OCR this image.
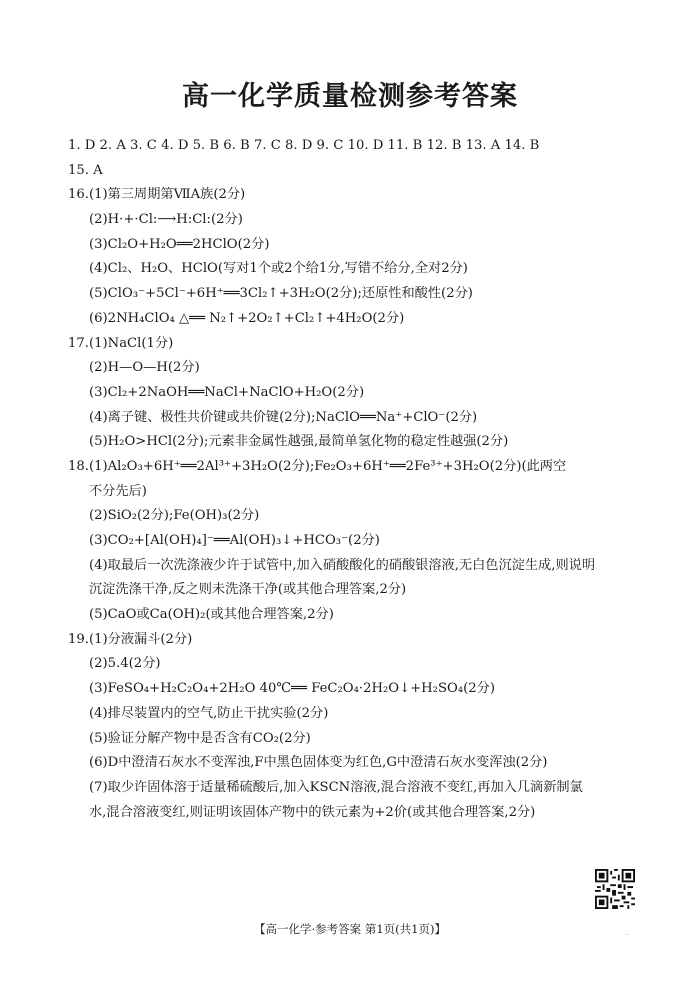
高一化学质量检测参考答案
1. D 2. A 3. C 4. D 5. B 6. B 7. C 8. D 9. C 10. D 11. B 12. B 13. A 14. B
15. A
16.(1)第三周期第ⅦA族(2分)
(2)H·+·Cl:⟶H:Cl:(2分)
(3)Cl₂O+H₂O══2HClO(2分)
(4)Cl₂、H₂O、HClO(写对1个或2个给1分,写错不给分,全对2分)
(5)ClO₃⁻+5Cl⁻+6H⁺══3Cl₂↑+3H₂O(2分);还原性和酸性(2分)
(6)2NH₄ClO₄ △══ N₂↑+2O₂↑+Cl₂↑+4H₂O(2分)
17.(1)NaCl(1分)
(2)H—O—H(2分)
(3)Cl₂+2NaOH══NaCl+NaClO+H₂O(2分)
(4)离子键、极性共价键或共价键(2分);NaClO══Na⁺+ClO⁻(2分)
(5)H₂O>HCl(2分);元素非金属性越强,最简单氢化物的稳定性越强(2分)
18.(1)Al₂O₃+6H⁺══2Al³⁺+3H₂O(2分);Fe₂O₃+6H⁺══2Fe³⁺+3H₂O(2分)(此两空
不分先后)
(2)SiO₂(2分);Fe(OH)₃(2分)
(3)CO₂+[Al(OH)₄]⁻══Al(OH)₃↓+HCO₃⁻(2分)
(4)取最后一次洗涤液少许于试管中,加入硝酸酸化的硝酸银溶液,无白色沉淀生成,则说明
沉淀洗涤干净,反之则未洗涤干净(或其他合理答案,2分)
(5)CaO或Ca(OH)₂(或其他合理答案,2分)
19.(1)分液漏斗(2分)
(2)5.4(2分)
(3)FeSO₄+H₂C₂O₄+2H₂O 40℃══ FeC₂O₄·2H₂O↓+H₂SO₄(2分)
(4)排尽装置内的空气,防止干扰实验(2分)
(5)验证分解产物中是否含有CO₂(2分)
(6)D中澄清石灰水不变浑浊,F中黑色固体变为红色,G中澄清石灰水变浑浊(2分)
(7)取少许固体溶于适量稀硫酸后,加入KSCN溶液,混合溶液不变红,再加入几滴新制氯
水,混合溶液变红,则证明该固体产物中的铁元素为+2价(或其他合理答案,2分)
【高一化学·参考答案 第1页(共1页)】	..
